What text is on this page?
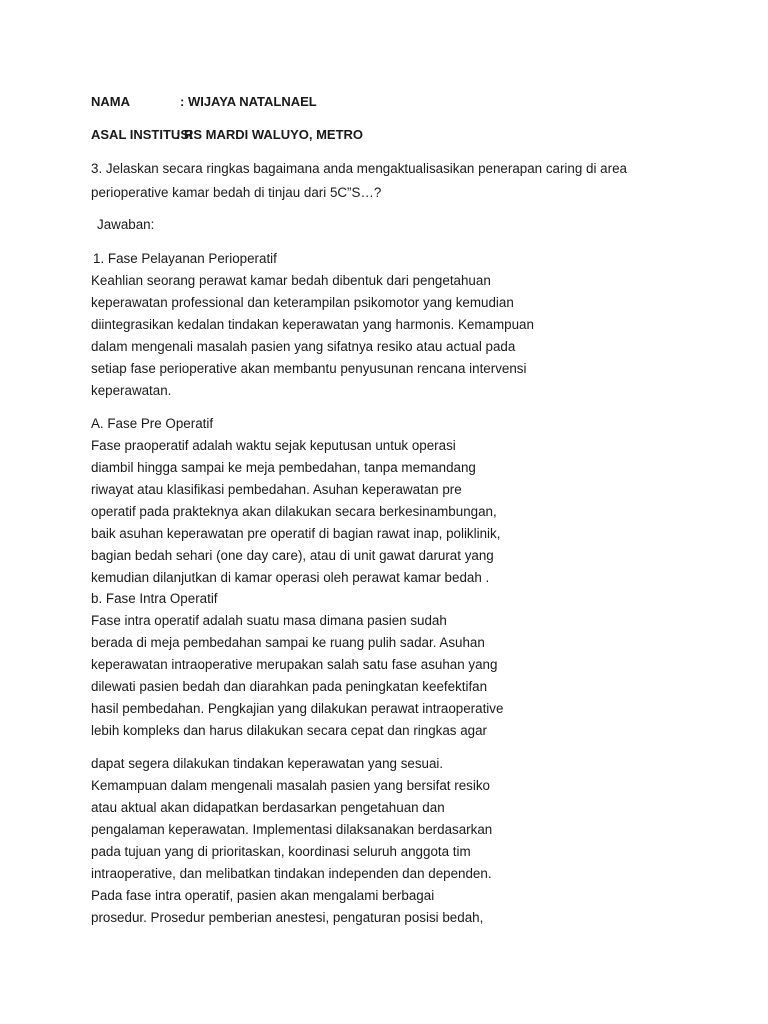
NAMA	: WIJAYA NATALNAEL
ASAL INSTITUSI
: RS MARDI WALUYO, METRO
3. Jelaskan secara ringkas bagaimana anda mengaktualisasikan penerapan caring di area
perioperative kamar bedah di tinjau dari 5C”S…?
Jawaban:
1. Fase Pelayanan Perioperatif
Keahlian seorang perawat kamar bedah dibentuk dari pengetahuan
keperawatan professional dan keterampilan psikomotor yang kemudian
diintegrasikan kedalan tindakan keperawatan yang harmonis. Kemampuan
dalam mengenali masalah pasien yang sifatnya resiko atau actual pada
setiap fase perioperative akan membantu penyusunan rencana intervensi
keperawatan.
A. Fase Pre Operatif
Fase praoperatif adalah waktu sejak keputusan untuk operasi
diambil hingga sampai ke meja pembedahan, tanpa memandang
riwayat atau klasifikasi pembedahan. Asuhan keperawatan pre
operatif pada prakteknya akan dilakukan secara berkesinambungan,
baik asuhan keperawatan pre operatif di bagian rawat inap, poliklinik,
bagian bedah sehari (one day care), atau di unit gawat darurat yang
kemudian dilanjutkan di kamar operasi oleh perawat kamar bedah .
b. Fase Intra Operatif
Fase intra operatif adalah suatu masa dimana pasien sudah
berada di meja pembedahan sampai ke ruang pulih sadar. Asuhan
keperawatan intraoperative merupakan salah satu fase asuhan yang
dilewati pasien bedah dan diarahkan pada peningkatan keefektifan
hasil pembedahan. Pengkajian yang dilakukan perawat intraoperative
lebih kompleks dan harus dilakukan secara cepat dan ringkas agar
dapat segera dilakukan tindakan keperawatan yang sesuai.
Kemampuan dalam mengenali masalah pasien yang bersifat resiko
atau aktual akan didapatkan berdasarkan pengetahuan dan
pengalaman keperawatan. Implementasi dilaksanakan berdasarkan
pada tujuan yang di prioritaskan, koordinasi seluruh anggota tim
intraoperative, dan melibatkan tindakan independen dan dependen.
Pada fase intra operatif, pasien akan mengalami berbagai
prosedur. Prosedur pemberian anestesi, pengaturan posisi bedah,
